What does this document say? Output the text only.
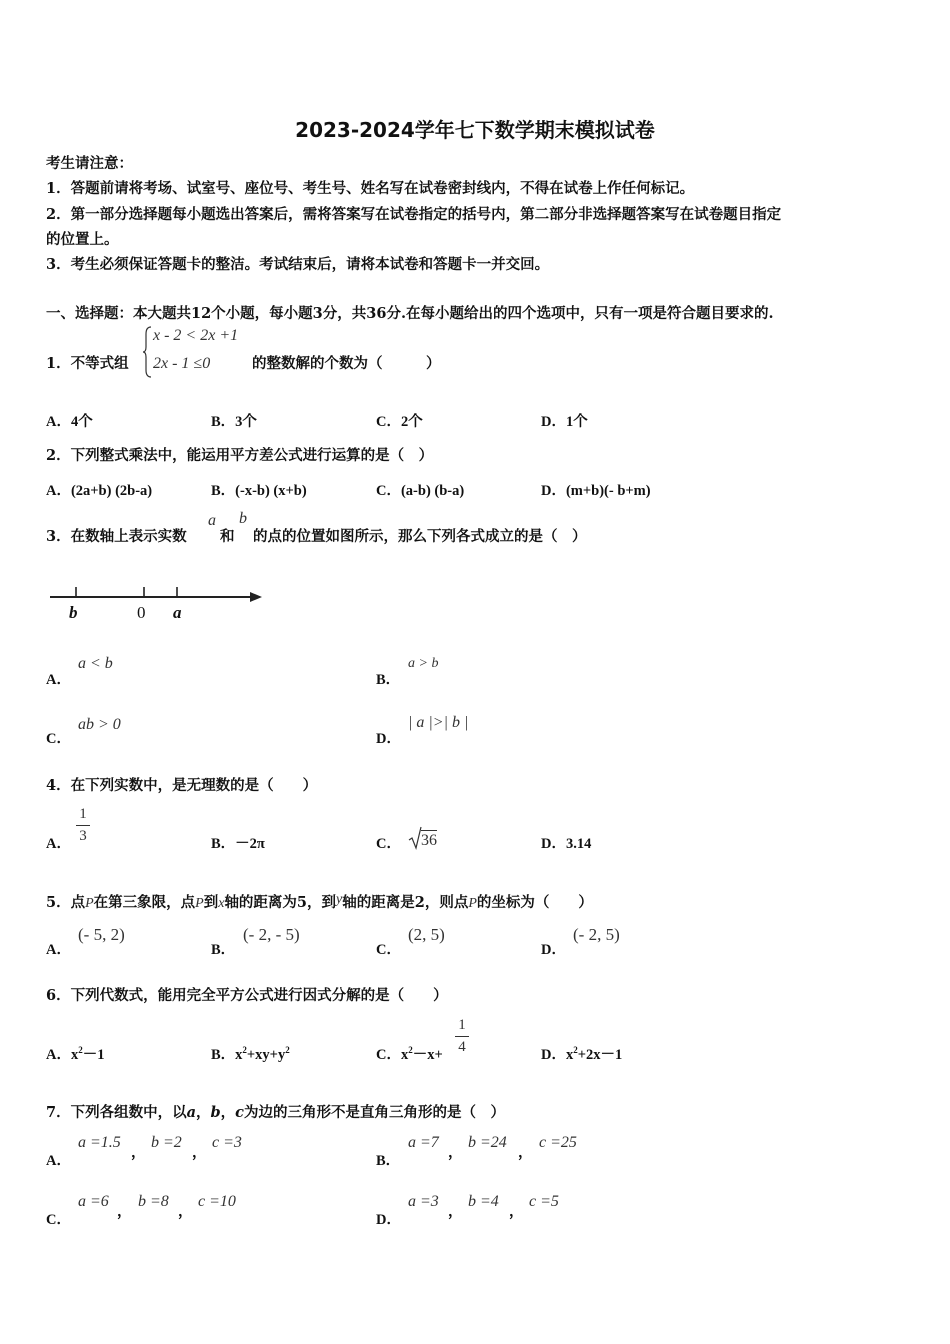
2023-2024学年七下数学期末模拟试卷
考生请注意：
1．答题前请将考场、试室号、座位号、考生号、姓名写在试卷密封线内，不得在试卷上作任何标记。
2．第一部分选择题每小题选出答案后，需将答案写在试卷指定的括号内，第二部分非选择题答案写在试卷题目指定
的位置上。
3．考生必须保证答题卡的整洁。考试结束后，请将本试卷和答题卡一并交回。
一、选择题：本大题共12个小题，每小题3分，共36分.在每小题给出的四个选项中，只有一项是符合题目要求的.
1．不等式组
x - 2 < 2x +1
2x - 1 ≤0	的整数解的个数为（　　　）
A．4个	B．3个	C．2个	D．1个
2．下列整式乘法中，能运用平方差公式进行运算的是（　）
A．(2a+b) (2b-a)	B．(-x-b) (x+b)	C．(a-b) (b-a)	D．(m+b)(- b+m)
3．在数轴上表示实数
a
和
b
的点的位置如图所示，那么下列各式成立的是（　）
b	0 a
A．
a < b
B．
a > b
C．
ab > 0
D．
| a |>| b |
4．在下列实数中，是无理数的是（　　）
A．
1
3	B．－2π	C． 36	D．3.14
5．点P在第三象限，点P到x轴的距离为5，到y轴的距离是2，则点P的坐标为（　　）
A．
(- 5, 2)
B．
(- 2, - 5)
C．
(2, 5)
D．
(- 2, 5)
6．下列代数式，能用完全平方公式进行因式分解的是（　　）
A．$x^2-1$	B．$x^2+xy+y^2$	C．$x^2-x+$
1
4	D．$x^2+2x-1$
7．下列各组数中，以a，b，c为边的三角形不是直角三角形的是（　）
A．
a =1.5
，
b =2
，
c =3
B．
a =7
，
b =24
，
c =25
C．
a =6
，
b =8
，
c =10
D．
a =3
，
b =4
，
c =5
